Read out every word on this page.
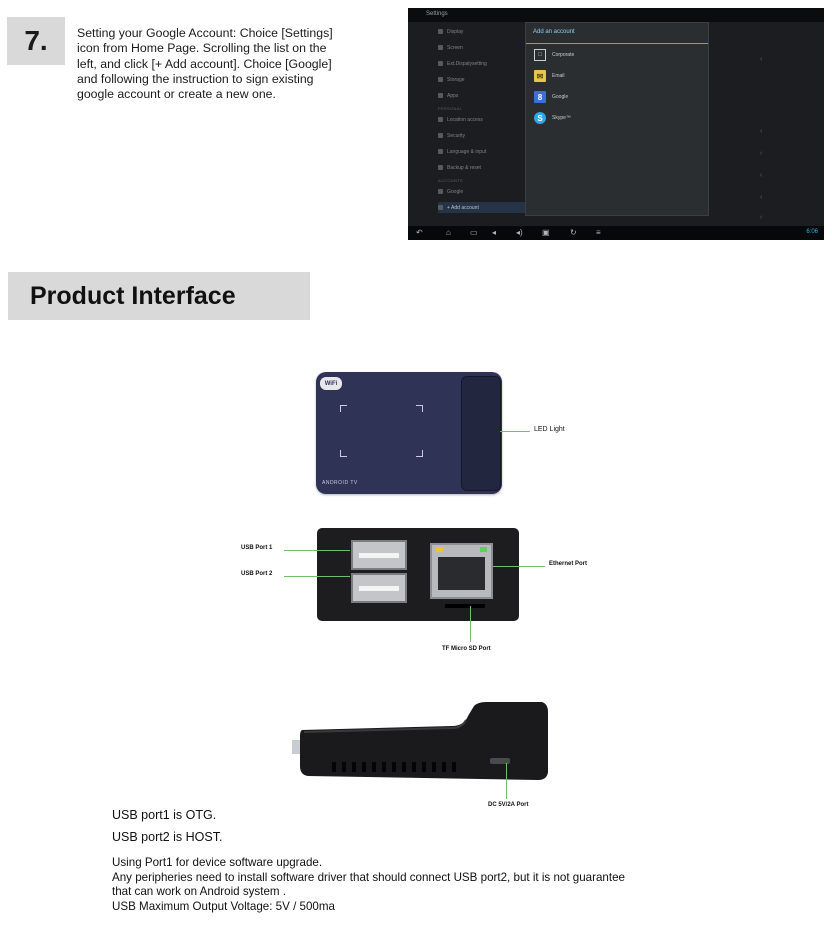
7. Setting your Google Account: Choice [Settings]
icon from Home Page. Scrolling the list on the
left, and click [+ Add account]. Choice [Google]
and following the instruction to sign existing
google account or create a new one.
Settings
Display
Screen
Ext.Dispalysetting
Storage
Apps
PERSONAL
Location access
Security
Language & input
Backup & reset
ACCOUNTS
Google
+ Add account
‹
‹
‹
‹
‹
‹
Add an account
□	Corporate
✉	Email
8	Google
S	Skype™
↶	⌂ ▭ ◂ ◂) ▣	↻ ≡	6:06
Product Interface
WiFi
ANDROID TV
LED Light
USB Port 1
USB Port 2
Ethernet Port
TF Micro SD Port
DC 5V/2A Port
USB port1 is OTG.
USB port2 is HOST.
Using Port1 for device software upgrade.
Any peripheries need to install software driver that should connect USB port2, but it is not guarantee
that can work on Android system .
USB Maximum Output Voltage: 5V / 500ma
